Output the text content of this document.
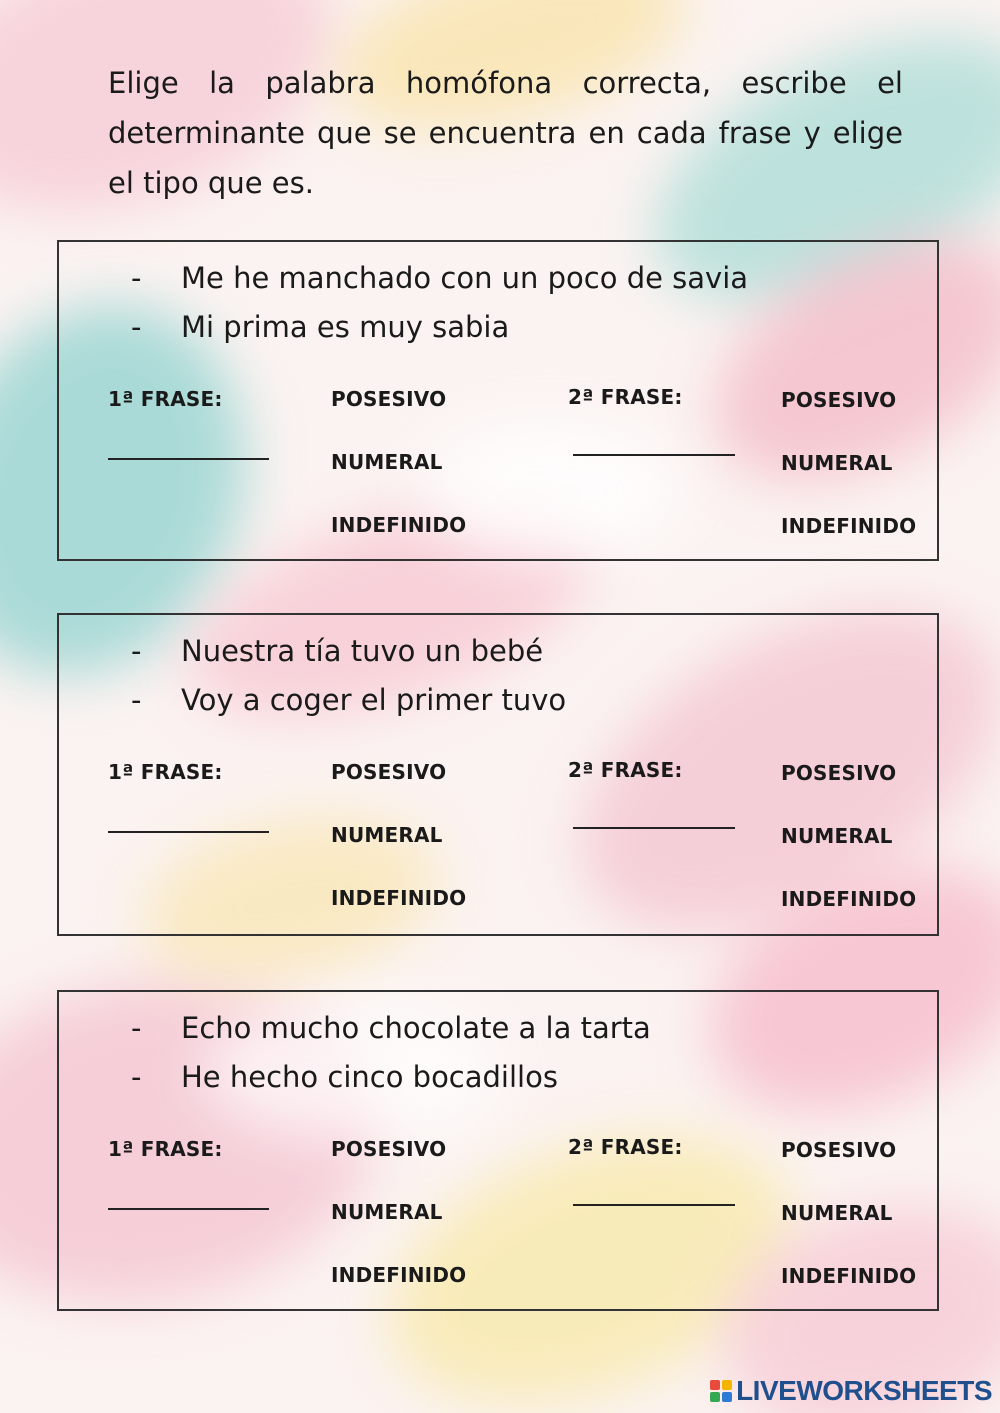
Elige la palabra homófona correcta, escribe el determinante que se encuentra en cada frase y elige el tipo que es.

- Me he manchado con un poco de savia
- Mi prima es muy sabia
1ª FRASE:	POSESIVO
NUMERAL
INDEFINIDO
2ª FRASE:	POSESIVO
NUMERAL
INDEFINIDO
- Nuestra tía tuvo un bebé
- Voy a coger el primer tuvo
1ª FRASE:	POSESIVO
NUMERAL
INDEFINIDO
2ª FRASE:	POSESIVO
NUMERAL
INDEFINIDO
- Echo mucho chocolate a la tarta
- He hecho cinco bocadillos
1ª FRASE:	POSESIVO
NUMERAL
INDEFINIDO
2ª FRASE:	POSESIVO
NUMERAL
INDEFINIDO
LIVEWORKSHEETS
